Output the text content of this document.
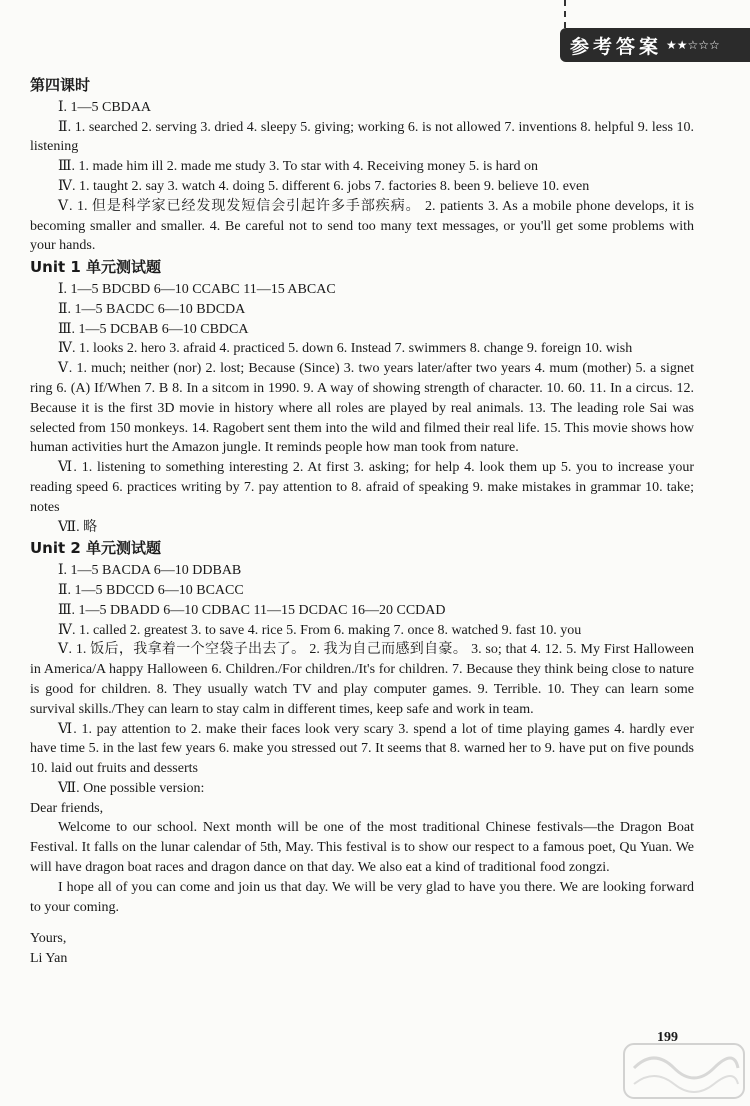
参考答案 ★★☆☆☆

第四课时

Ⅰ. 1—5 CBDAA

Ⅱ. 1. searched 2. serving 3. dried 4. sleepy 5. giving; working 6. is not allowed 7. inventions 8. helpful 9. less 10. listening

Ⅲ. 1. made him ill 2. made me study 3. To star with 4. Receiving money 5. is hard on

Ⅳ. 1. taught 2. say 3. watch 4. doing 5. different 6. jobs 7. factories 8. been 9. believe 10. even

Ⅴ. 1. 但是科学家已经发现发短信会引起许多手部疾病。 2. patients 3. As a mobile phone develops, it is becoming smaller and smaller. 4. Be careful not to send too many text messages, or you'll get some problems with your hands.

Unit 1 单元测试题

Ⅰ. 1—5 BDCBD 6—10 CCABC 11—15 ABCAC

Ⅱ. 1—5 BACDC 6—10 BDCDA

Ⅲ. 1—5 DCBAB 6—10 CBDCA

Ⅳ. 1. looks 2. hero 3. afraid 4. practiced 5. down 6. Instead 7. swimmers 8. change 9. foreign 10. wish

Ⅴ. 1. much; neither (nor) 2. lost; Because (Since) 3. two years later/after two years 4. mum (mother) 5. a signet ring 6. (A) If/When 7. B 8. In a sitcom in 1990. 9. A way of showing strength of character. 10. 60. 11. In a circus. 12. Because it is the first 3D movie in history where all roles are played by real animals. 13. The leading role Sai was selected from 150 monkeys. 14. Ragobert sent them into the wild and filmed their real life. 15. This movie shows how human activities hurt the Amazon jungle. It reminds people how man took from nature.

Ⅵ. 1. listening to something interesting 2. At first 3. asking; for help 4. look them up 5. you to increase your reading speed 6. practices writing by 7. pay attention to 8. afraid of speaking 9. make mistakes in grammar 10. take; notes

Ⅶ. 略

Unit 2 单元测试题

Ⅰ. 1—5 BACDA 6—10 DDBAB

Ⅱ. 1—5 BDCCD 6—10 BCACC

Ⅲ. 1—5 DBADD 6—10 CDBAC 11—15 DCDAC 16—20 CCDAD

Ⅳ. 1. called 2. greatest 3. to save 4. rice 5. From 6. making 7. once 8. watched 9. fast 10. you

Ⅴ. 1. 饭后，我拿着一个空袋子出去了。 2. 我为自己而感到自豪。 3. so; that 4. 12. 5. My First Halloween in America/A happy Halloween 6. Children./For children./It's for children. 7. Because they think being close to nature is good for children. 8. They usually watch TV and play computer games. 9. Terrible. 10. They can learn some survival skills./They can learn to stay calm in different times, keep safe and work in team.

Ⅵ. 1. pay attention to 2. make their faces look very scary 3. spend a lot of time playing games 4. hardly ever have time 5. in the last few years 6. make you stressed out 7. It seems that 8. warned her to 9. have put on five pounds 10. laid out fruits and desserts

Ⅶ. One possible version:

Dear friends,

Welcome to our school. Next month will be one of the most traditional Chinese festivals—the Dragon Boat Festival. It falls on the lunar calendar of 5th, May. This festival is to show our respect to a famous poet, Qu Yuan. We will have dragon boat races and dragon dance on that day. We also eat a kind of traditional food zongzi.

I hope all of you can come and join us that day. We will be very glad to have you there. We are looking forward to your coming.

Yours,

Li Yan

199
